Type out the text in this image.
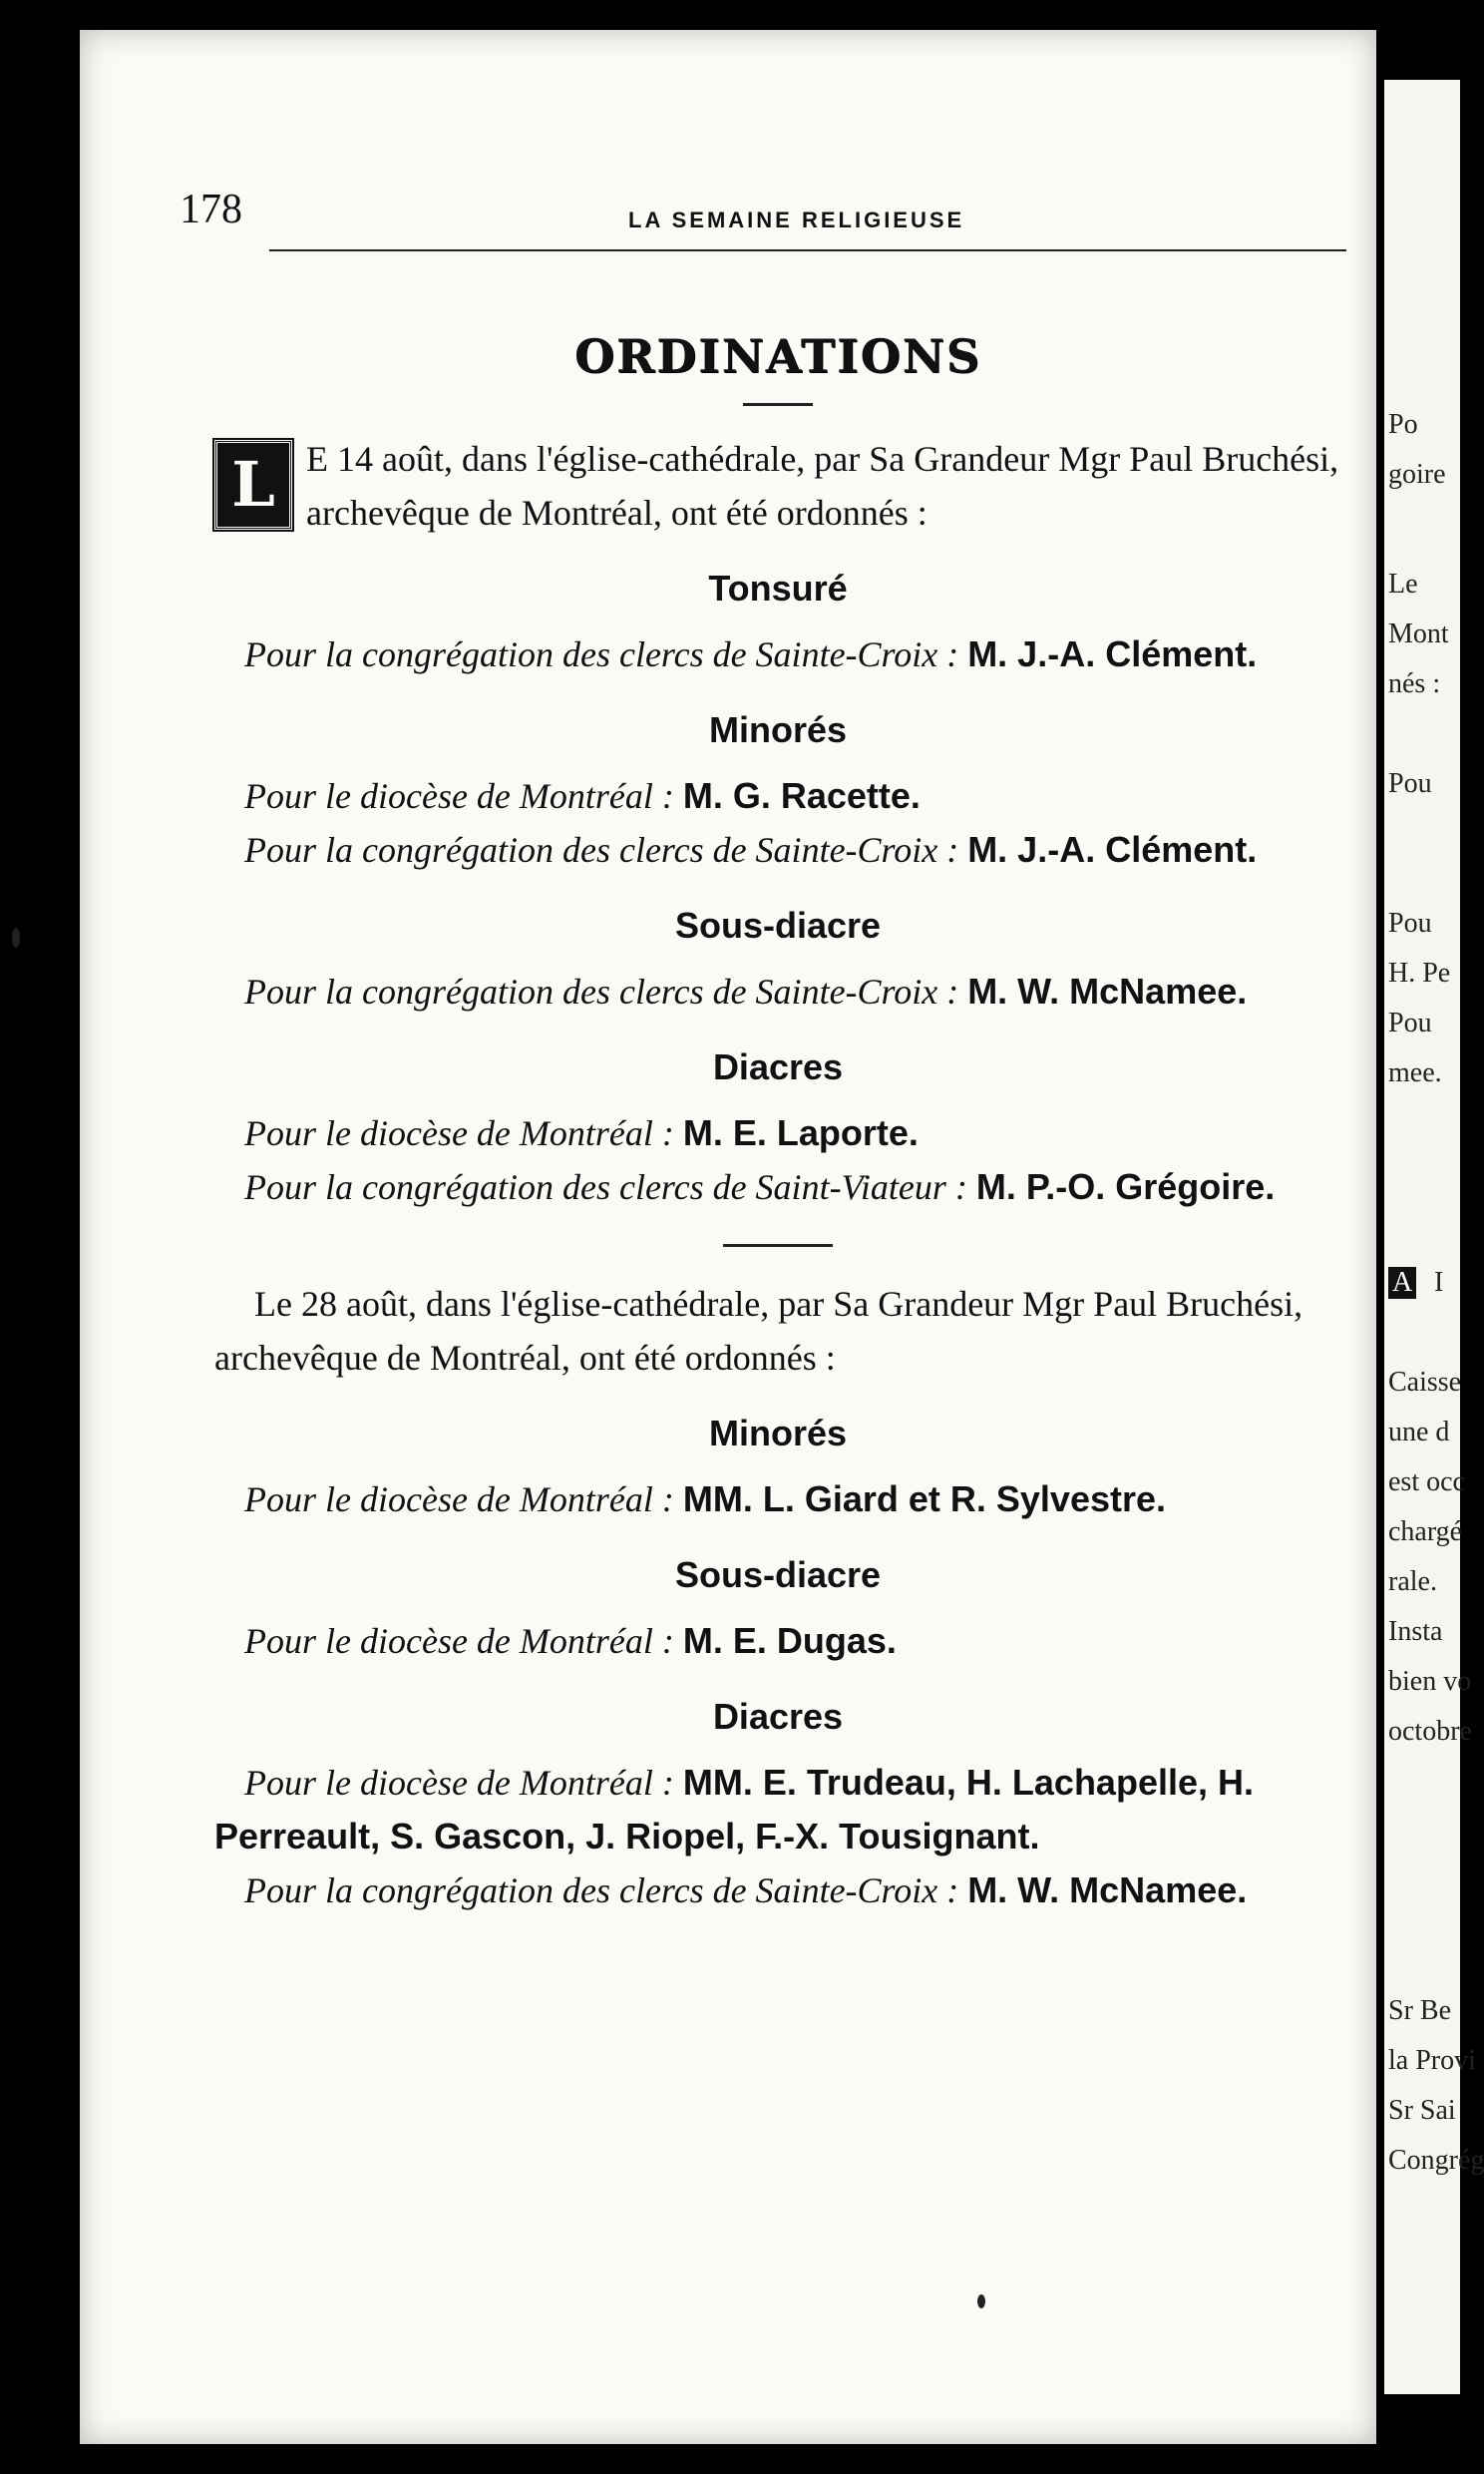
Po
goire
Le
Mont
nés :
Pou
Pou
H. Pe
Pou
mee.
A I
Caisse
une d
est occ
chargé
rale.
Insta
bien vo
octobre
Sr Be
la Provi
Sr Sai
Congrég
178	LA SEMAINE RELIGIEUSE
ORDINATIONS

L E 14 août, dans l'église-cathédrale, par Sa Grandeur Mgr Paul Bruchési, archevêque de Montréal, ont été ordonnés :

Tonsuré

Pour la congrégation des clercs de Sainte-Croix : M. J.-A. Clément.

Minorés

Pour le diocèse de Montréal : M. G. Racette.

Pour la congrégation des clercs de Sainte-Croix : M. J.-A. Clément.

Sous-diacre

Pour la congrégation des clercs de Sainte-Croix : M. W. McNamee.

Diacres

Pour le diocèse de Montréal : M. E. Laporte.

Pour la congrégation des clercs de Saint-Viateur : M. P.-O. Grégoire.

Le 28 août, dans l'église-cathédrale, par Sa Grandeur Mgr Paul Bruchési, archevêque de Montréal, ont été ordonnés :

Minorés

Pour le diocèse de Montréal : MM. L. Giard et R. Sylvestre.

Sous-diacre

Pour le diocèse de Montréal : M. E. Dugas.

Diacres

Pour le diocèse de Montréal : MM. E. Trudeau, H. Lachapelle, H. Perreault, S. Gascon, J. Riopel, F.-X. Tousignant.

Pour la congrégation des clercs de Sainte-Croix : M. W. McNamee.
